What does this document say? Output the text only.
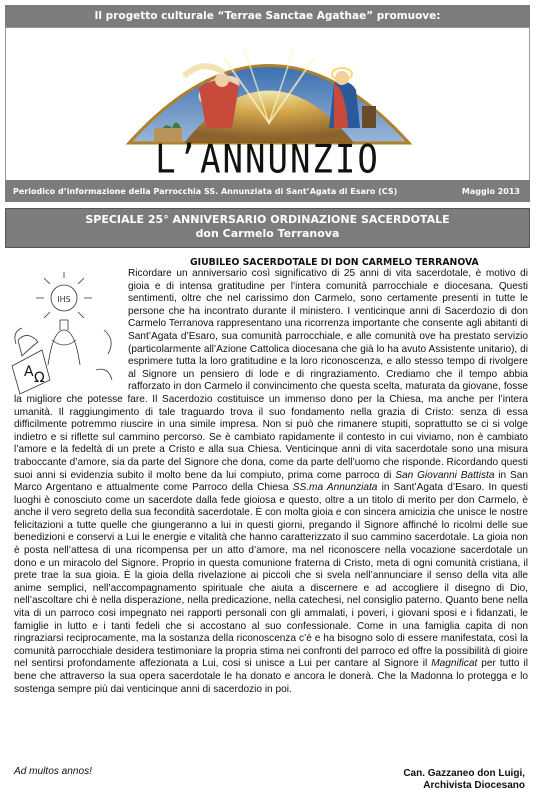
Il progetto culturale “Terrae Sanctae Agathae” promuove:
L’ANNUNZIO
Periodico d’informazione della Parrocchia SS. Annunziata di Sant’Agata di Esaro (CS)	Maggio 2013
SPECIALE 25° ANNIVERSARIO ORDINAZIONE SACERDOTALE
don Carmelo Terranova
GIUBILEO SACERDOTALE DI DON CARMELO TERRANOVA
IHS
A Ω

Ricordare un anniversario così significativo di 25 anni di vita sacerdotale, è motivo di gioia e di intensa gratitudine per l’intera comunità parrocchiale e diocesana. Questi sentimenti, oltre che nel carissimo don Carmelo, sono certamente presenti in tutte le persone che ha incontrato durante il ministero. I venticinque anni di Sacerdozio di don Carmelo Terranova rappresentano una ricorrenza importante che consente agli abitanti di Sant’Agata d’Esaro, sua comunità parrocchiale, e alle comunità ove ha prestato servizio (particolarmente all’Azione Cattolica diocesana che già lo ha avuto Assistente unitario), di esprimere tutta la loro gratitudine e la loro riconoscenza, e allo stesso tempo di rivolgere al Signore un pensiero di lode e di ringraziamento. Crediamo che il tempo abbia rafforzato in don Carmelo il convincimento che questa scelta, maturata da giovane, fosse la migliore che potesse fare. Il Sacerdozio costituisce un immenso dono per la Chiesa, ma anche per l’intera umanità. Il raggiungimento di tale traguardo trova il suo fondamento nella grazia di Cristo: senza di essa difficilmente potremmo riuscire in una simile impresa. Non si può che rimanere stupiti, soprattutto se ci si volge indietro e si riflette sul cammino percorso. Se è cambiato rapidamente il contesto in cui viviamo, non è cambiato l’amore e la fedeltà di un prete a Cristo e alla sua Chiesa. Venticinque anni di vita sacerdotale sono una misura traboccante d’amore, sia da parte del Signore che dona, come da parte dell’uomo che risponde. Ricordando questi suoi anni si evidenzia subito il molto bene da lui compiuto, prima come parroco di San Giovanni Battista in San Marco Argentano e attualmente come Parroco della Chiesa SS.ma Annunziata in Sant’Agata d’Esaro. In questi luoghi è conosciuto come un sacerdote dalla fede gioiosa e questo, oltre a un titolo di merito per don Carmelo, è anche il vero segreto della sua fecondità sacerdotale. È con molta gioia e con sincera amicizia che unisce le nostre felicitazioni a tutte quelle che giungeranno a lui in questi giorni, pregando il Signore affinché lo ricolmi delle sue benedizioni e conservi a Lui le energie e vitalità che hanno caratterizzato il suo cammino sacerdotale. La gioia non è posta nell’attesa di una ricompensa per un atto d’amore, ma nel riconoscere nella vocazione sacerdotale un dono e un miracolo del Signore. Proprio in questa comunione fraterna di Cristo, meta di ogni comunità cristiana, il prete trae la sua gioia. È la gioia della rivelazione ai piccoli che si svela nell’annunciare il senso della vita alle anime semplici, nell’accompagnamento spirituale che aiuta a discernere e ad accogliere il disegno di Dio, nell’ascoltare chi è nella disperazione, nella predicazione, nella catechesi, nel consiglio paterno. Quanto bene nella vita di un parroco cosi impegnato nei rapporti personali con gli ammalati, i poveri, i giovani sposi e i fidanzati, le famiglie in lutto e i tanti fedeli che si accostano al suo confessionale. Come in una famiglia capita di non ringraziarsi reciprocamente, ma la sostanza della riconoscenza c’è e ha bisogno solo di essere manifestata, così la comunità parrocchiale desidera testimoniare la propria stima nei confronti del parroco ed offre la possibilità di gioire nel sentirsi profondamente affezionata a Lui, cosi si unisce a Lui per cantare al Signore il Magnificat per tutto il bene che attraverso la sua opera sacerdotale le ha donato e ancora le donerà. Che la Madonna lo protegga e lo sostenga sempre più dai venticinque anni di sacerdozio in poi.

Ad multos annos!	Can. Gazzaneo don Luigi,
Archivista Diocesano
